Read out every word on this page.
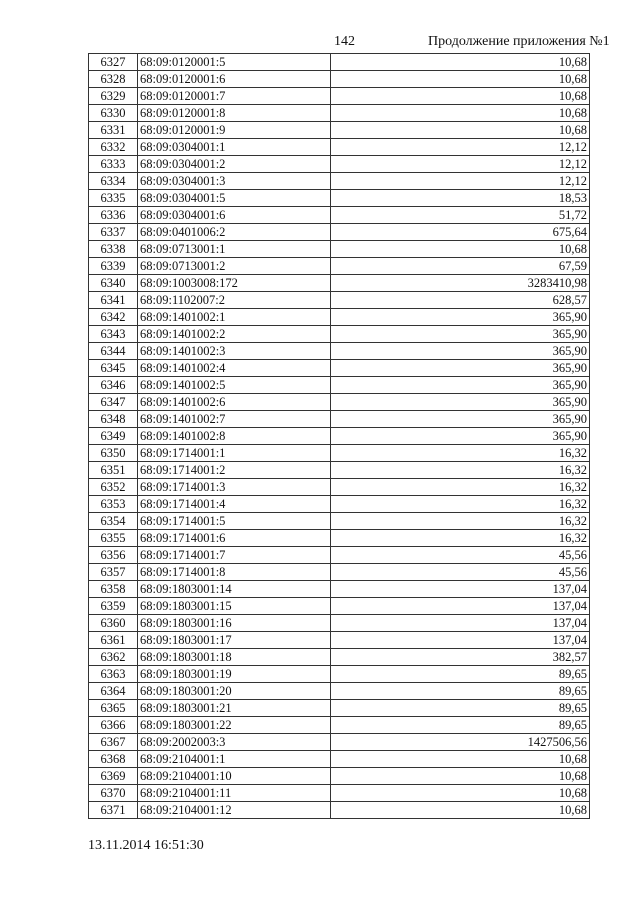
142	Продолжение приложения №1
6327	68:09:0120001:5	10,68
6328	68:09:0120001:6	10,68
6329	68:09:0120001:7	10,68
6330	68:09:0120001:8	10,68
6331	68:09:0120001:9	10,68
6332	68:09:0304001:1	12,12
6333	68:09:0304001:2	12,12
6334	68:09:0304001:3	12,12
6335	68:09:0304001:5	18,53
6336	68:09:0304001:6	51,72
6337	68:09:0401006:2	675,64
6338	68:09:0713001:1	10,68
6339	68:09:0713001:2	67,59
6340	68:09:1003008:172	3283410,98
6341	68:09:1102007:2	628,57
6342	68:09:1401002:1	365,90
6343	68:09:1401002:2	365,90
6344	68:09:1401002:3	365,90
6345	68:09:1401002:4	365,90
6346	68:09:1401002:5	365,90
6347	68:09:1401002:6	365,90
6348	68:09:1401002:7	365,90
6349	68:09:1401002:8	365,90
6350	68:09:1714001:1	16,32
6351	68:09:1714001:2	16,32
6352	68:09:1714001:3	16,32
6353	68:09:1714001:4	16,32
6354	68:09:1714001:5	16,32
6355	68:09:1714001:6	16,32
6356	68:09:1714001:7	45,56
6357	68:09:1714001:8	45,56
6358	68:09:1803001:14	137,04
6359	68:09:1803001:15	137,04
6360	68:09:1803001:16	137,04
6361	68:09:1803001:17	137,04
6362	68:09:1803001:18	382,57
6363	68:09:1803001:19	89,65
6364	68:09:1803001:20	89,65
6365	68:09:1803001:21	89,65
6366	68:09:1803001:22	89,65
6367	68:09:2002003:3	1427506,56
6368	68:09:2104001:1	10,68
6369	68:09:2104001:10	10,68
6370	68:09:2104001:11	10,68
6371	68:09:2104001:12	10,68
13.11.2014 16:51:30
